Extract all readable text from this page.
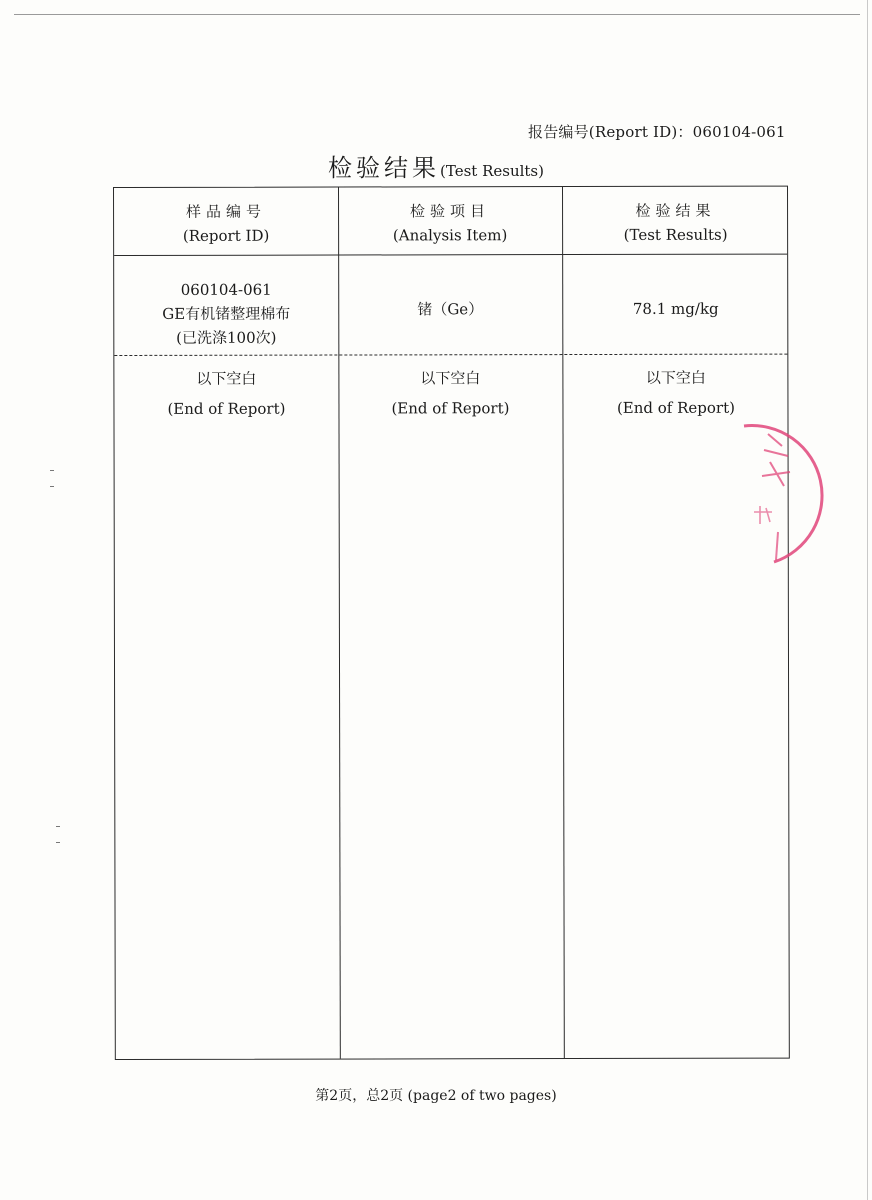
报告编号(Report ID)：060104-061
检验结果(Test Results)
样品编号
(Report ID)
检验项目
(Analysis Item)
检验结果
(Test Results)
060104-061
GE有机锗整理棉布
(已洗涤100次)
锗（Ge）	78.1 mg/kg
以下空白
(End of Report)
以下空白
(End of Report)
以下空白
(End of Report)
第2页，总2页 (page2 of two pages)
